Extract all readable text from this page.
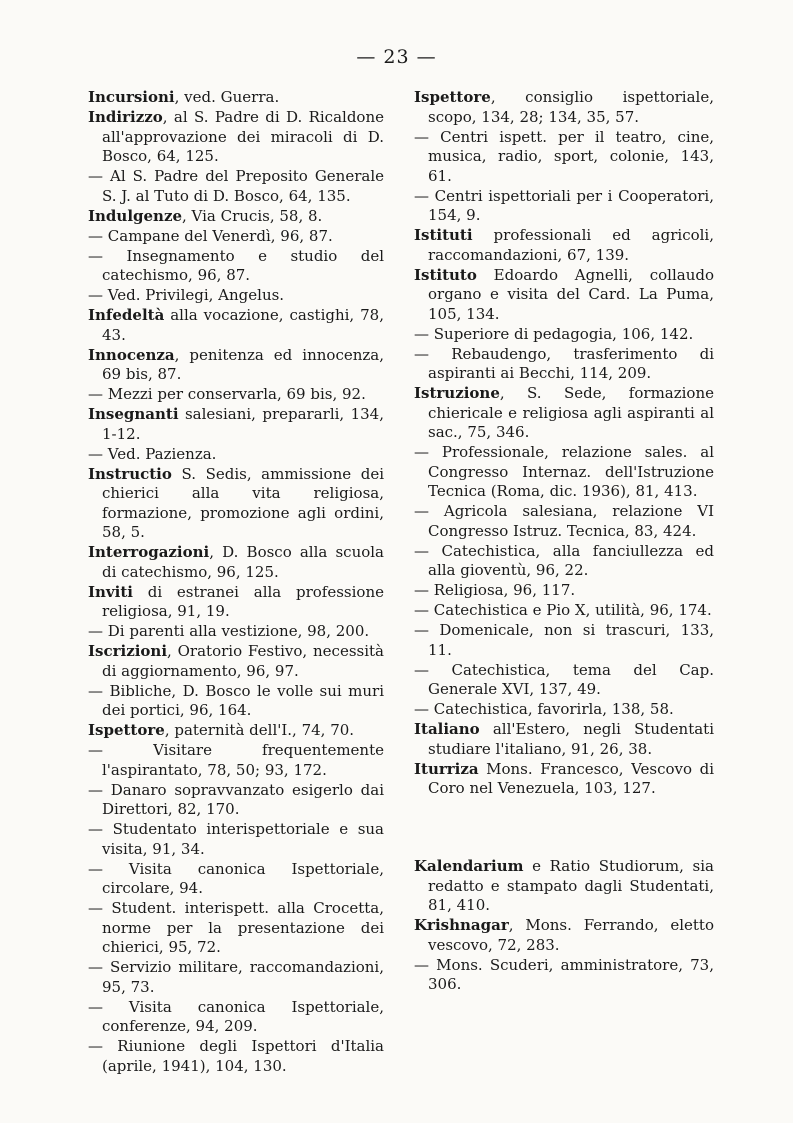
— 23 —
Incursioni, ved. Guerra.
Indirizzo, al S. Padre di D. Ricaldone all'approvazione dei miracoli di D. Bosco, 64, 125.
— Al S. Padre del Preposito Generale S. J. al Tuto di D. Bosco, 64, 135.
Indulgenze, Via Crucis, 58, 8.
— Campane del Venerdì, 96, 87.
— Insegnamento e studio del catechismo, 96, 87.
— Ved. Privilegi, Angelus.
Infedeltà alla vocazione, castighi, 78, 43.
Innocenza, penitenza ed innocenza, 69 bis, 87.
— Mezzi per conservarla, 69 bis, 92.
Insegnanti salesiani, prepararli, 134, 1-12.
— Ved. Pazienza.
Instructio S. Sedis, ammissione dei chierici alla vita religiosa, formazione, promozione agli ordini, 58, 5.
Interrogazioni, D. Bosco alla scuola di catechismo, 96, 125.
Inviti di estranei alla professione religiosa, 91, 19.
— Di parenti alla vestizione, 98, 200.
Iscrizioni, Oratorio Festivo, necessità di aggiornamento, 96, 97.
— Bibliche, D. Bosco le volle sui muri dei portici, 96, 164.
Ispettore, paternità dell'I., 74, 70.
— Visitare frequentemente l'aspirantato, 78, 50; 93, 172.
— Danaro sopravvanzato esigerlo dai Direttori, 82, 170.
— Studentato interispettoriale e sua visita, 91, 34.
— Visita canonica Ispettoriale, circolare, 94.
— Student. interispett. alla Crocetta, norme per la presentazione dei chierici, 95, 72.
— Servizio militare, raccomandazioni, 95, 73.
— Visita canonica Ispettoriale, conferenze, 94, 209.
— Riunione degli Ispettori d'Italia (aprile, 1941), 104, 130.
Ispettore, consiglio ispettoriale, scopo, 134, 28; 134, 35, 57.
— Centri ispett. per il teatro, cine, musica, radio, sport, colonie, 143, 61.
— Centri ispettoriali per i Cooperatori, 154, 9.
Istituti professionali ed agricoli, raccomandazioni, 67, 139.
Istituto Edoardo Agnelli, collaudo organo e visita del Card. La Puma, 105, 134.
— Superiore di pedagogia, 106, 142.
— Rebaudengo, trasferimento di aspiranti ai Becchi, 114, 209.
Istruzione, S. Sede, formazione chiericale e religiosa agli aspiranti al sac., 75, 346.
— Professionale, relazione sales. al Congresso Internaz. dell'Istruzione Tecnica (Roma, dic. 1936), 81, 413.
— Agricola salesiana, relazione VI Congresso Istruz. Tecnica, 83, 424.
— Catechistica, alla fanciullezza ed alla gioventù, 96, 22.
— Religiosa, 96, 117.
— Catechistica e Pio X, utilità, 96, 174.
— Domenicale, non si trascuri, 133, 11.
— Catechistica, tema del Cap. Generale XVI, 137, 49.
— Catechistica, favorirla, 138, 58.
Italiano all'Estero, negli Studentati studiare l'italiano, 91, 26, 38.
Iturriza Mons. Francesco, Vescovo di Coro nel Venezuela, 103, 127.
Kalendarium e Ratio Studiorum, sia redatto e stampato dagli Studentati, 81, 410.
Krishnagar, Mons. Ferrando, eletto vescovo, 72, 283.
— Mons. Scuderi, amministratore, 73, 306.
